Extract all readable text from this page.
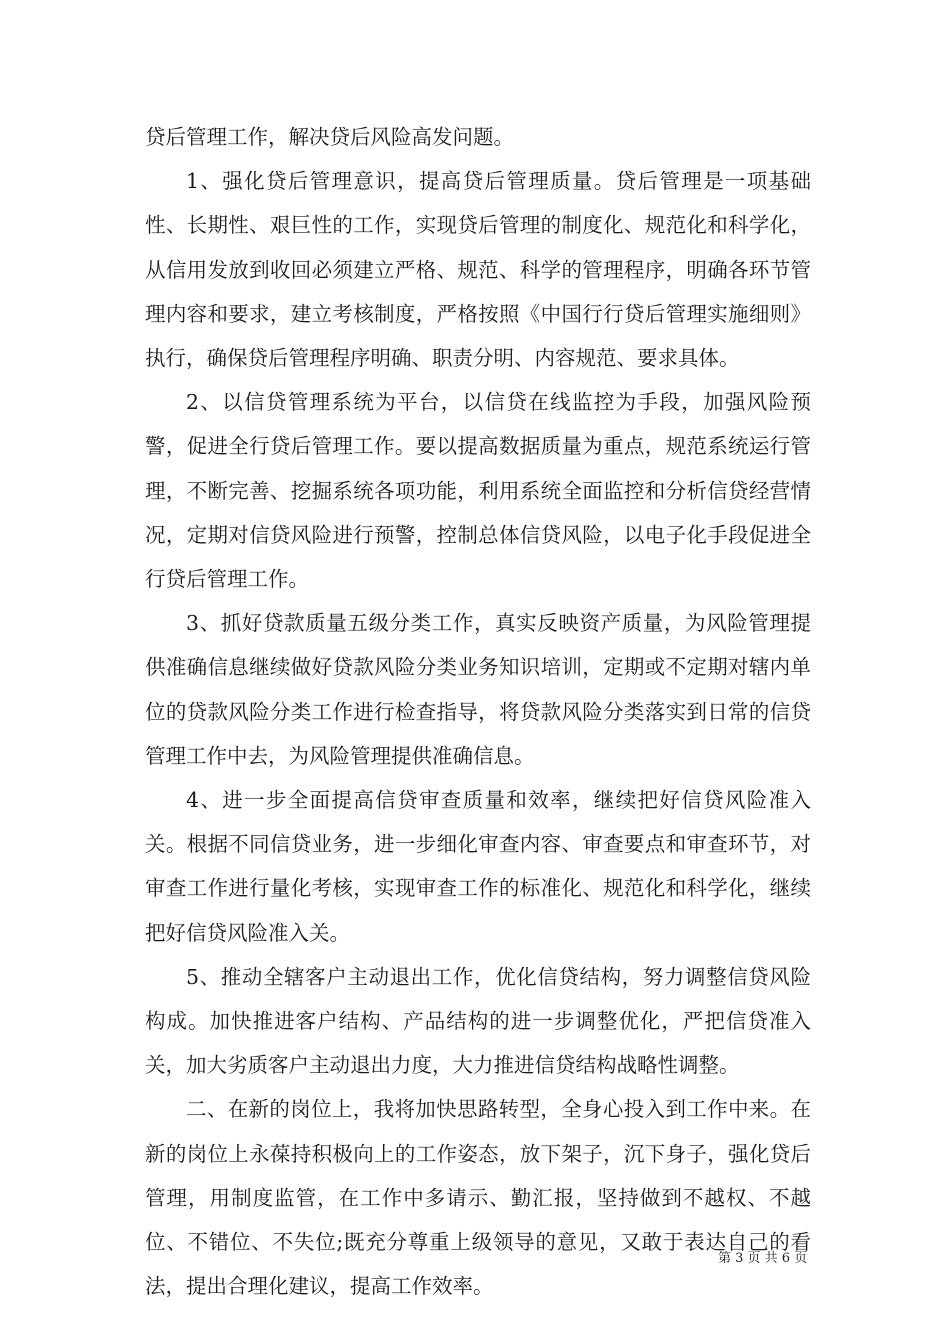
贷后管理工作，解决贷后风险高发问题。

1、强化贷后管理意识，提高贷后管理质量。贷后管理是一项基础性、长期性、艰巨性的工作，实现贷后管理的制度化、规范化和科学化，从信用发放到收回必须建立严格、规范、科学的管理程序，明确各环节管理内容和要求，建立考核制度，严格按照《中国行行贷后管理实施细则》执行，确保贷后管理程序明确、职责分明、内容规范、要求具体。

2、以信贷管理系统为平台，以信贷在线监控为手段，加强风险预警，促进全行贷后管理工作。要以提高数据质量为重点，规范系统运行管理，不断完善、挖掘系统各项功能，利用系统全面监控和分析信贷经营情况，定期对信贷风险进行预警，控制总体信贷风险，以电子化手段促进全行贷后管理工作。

3、抓好贷款质量五级分类工作，真实反映资产质量，为风险管理提供准确信息继续做好贷款风险分类业务知识培训，定期或不定期对辖内单位的贷款风险分类工作进行检查指导，将贷款风险分类落实到日常的信贷管理工作中去，为风险管理提供准确信息。

4、进一步全面提高信贷审查质量和效率，继续把好信贷风险准入关。根据不同信贷业务，进一步细化审查内容、审查要点和审查环节，对审查工作进行量化考核，实现审查工作的标准化、规范化和科学化，继续把好信贷风险准入关。

5、推动全辖客户主动退出工作，优化信贷结构，努力调整信贷风险构成。加快推进客户结构、产品结构的进一步调整优化，严把信贷准入关，加大劣质客户主动退出力度，大力推进信贷结构战略性调整。

二、在新的岗位上，我将加快思路转型，全身心投入到工作中来。在新的岗位上永葆持积极向上的工作姿态，放下架子，沉下身子，强化贷后管理，用制度监管，在工作中多请示、勤汇报，坚持做到不越权、不越位、不错位、不失位;既充分尊重上级领导的意见，又敢于表达自己的看法，提出合理化建议，提高工作效率。

第 3 页 共 6 页
